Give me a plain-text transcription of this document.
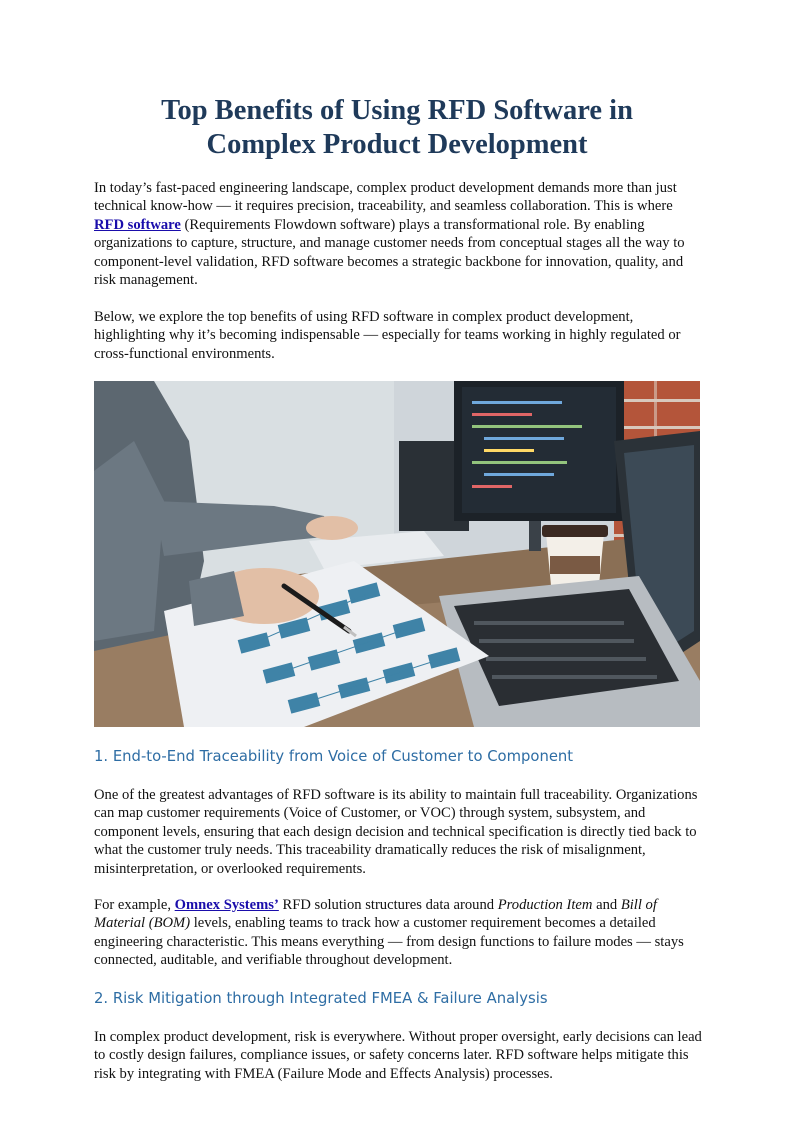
Top Benefits of Using RFD Software in
Complex Product Development

In today’s fast-paced engineering landscape, complex product development demands more than just technical know-how — it requires precision, traceability, and seamless collaboration. This is where RFD software (Requirements Flowdown software) plays a transformational role. By enabling organizations to capture, structure, and manage customer needs from conceptual stages all the way to component-level validation, RFD software becomes a strategic backbone for innovation, quality, and risk management.

Below, we explore the top benefits of using RFD software in complex product development, highlighting why it’s becoming indispensable — especially for teams working in highly regulated or cross-functional environments.

1. End-to-End Traceability from Voice of Customer to Component

One of the greatest advantages of RFD software is its ability to maintain full traceability. Organizations can map customer requirements (Voice of Customer, or VOC) through system, subsystem, and component levels, ensuring that each design decision and technical specification is directly tied back to what the customer truly needs. This traceability dramatically reduces the risk of misalignment, misinterpretation, or overlooked requirements.

For example, Omnex Systems’ RFD solution structures data around Production Item and Bill of Material (BOM) levels, enabling teams to track how a customer requirement becomes a detailed engineering characteristic. This means everything — from design functions to failure modes — stays connected, auditable, and verifiable throughout development.

2. Risk Mitigation through Integrated FMEA & Failure Analysis

In complex product development, risk is everywhere. Without proper oversight, early decisions can lead to costly design failures, compliance issues, or safety concerns later. RFD software helps mitigate this risk by integrating with FMEA (Failure Mode and Effects Analysis) processes.
